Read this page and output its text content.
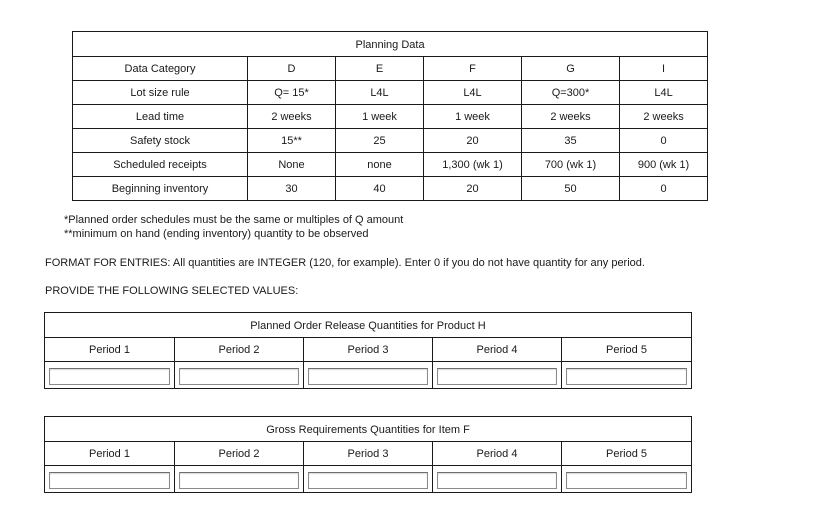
Planning Data					
Data Category	D	E	F	G	I
Lot size rule	Q= 15*	L4L	L4L	Q=300*	L4L
Lead time	2 weeks	1 week	1 week	2 weeks	2 weeks
Safety stock	15**	25	20	35	0
Scheduled receipts	None	none	1,300 (wk 1)	700 (wk 1)	900 (wk 1)
Beginning inventory	30	40	20	50	0
*Planned order schedules must be the same or multiples of Q amount
**minimum on hand (ending inventory) quantity to be observed
FORMAT FOR ENTRIES: All quantities are INTEGER (120, for example). Enter 0 if you do not have quantity for any period.
PROVIDE THE FOLLOWING SELECTED VALUES:
Planned Order Release Quantities for Product H				
Period 1	Period 2	Period 3	Period 4	Period 5

Gross Requirements Quantities for Item F				
Period 1	Period 2	Period 3	Period 4	Period 5
